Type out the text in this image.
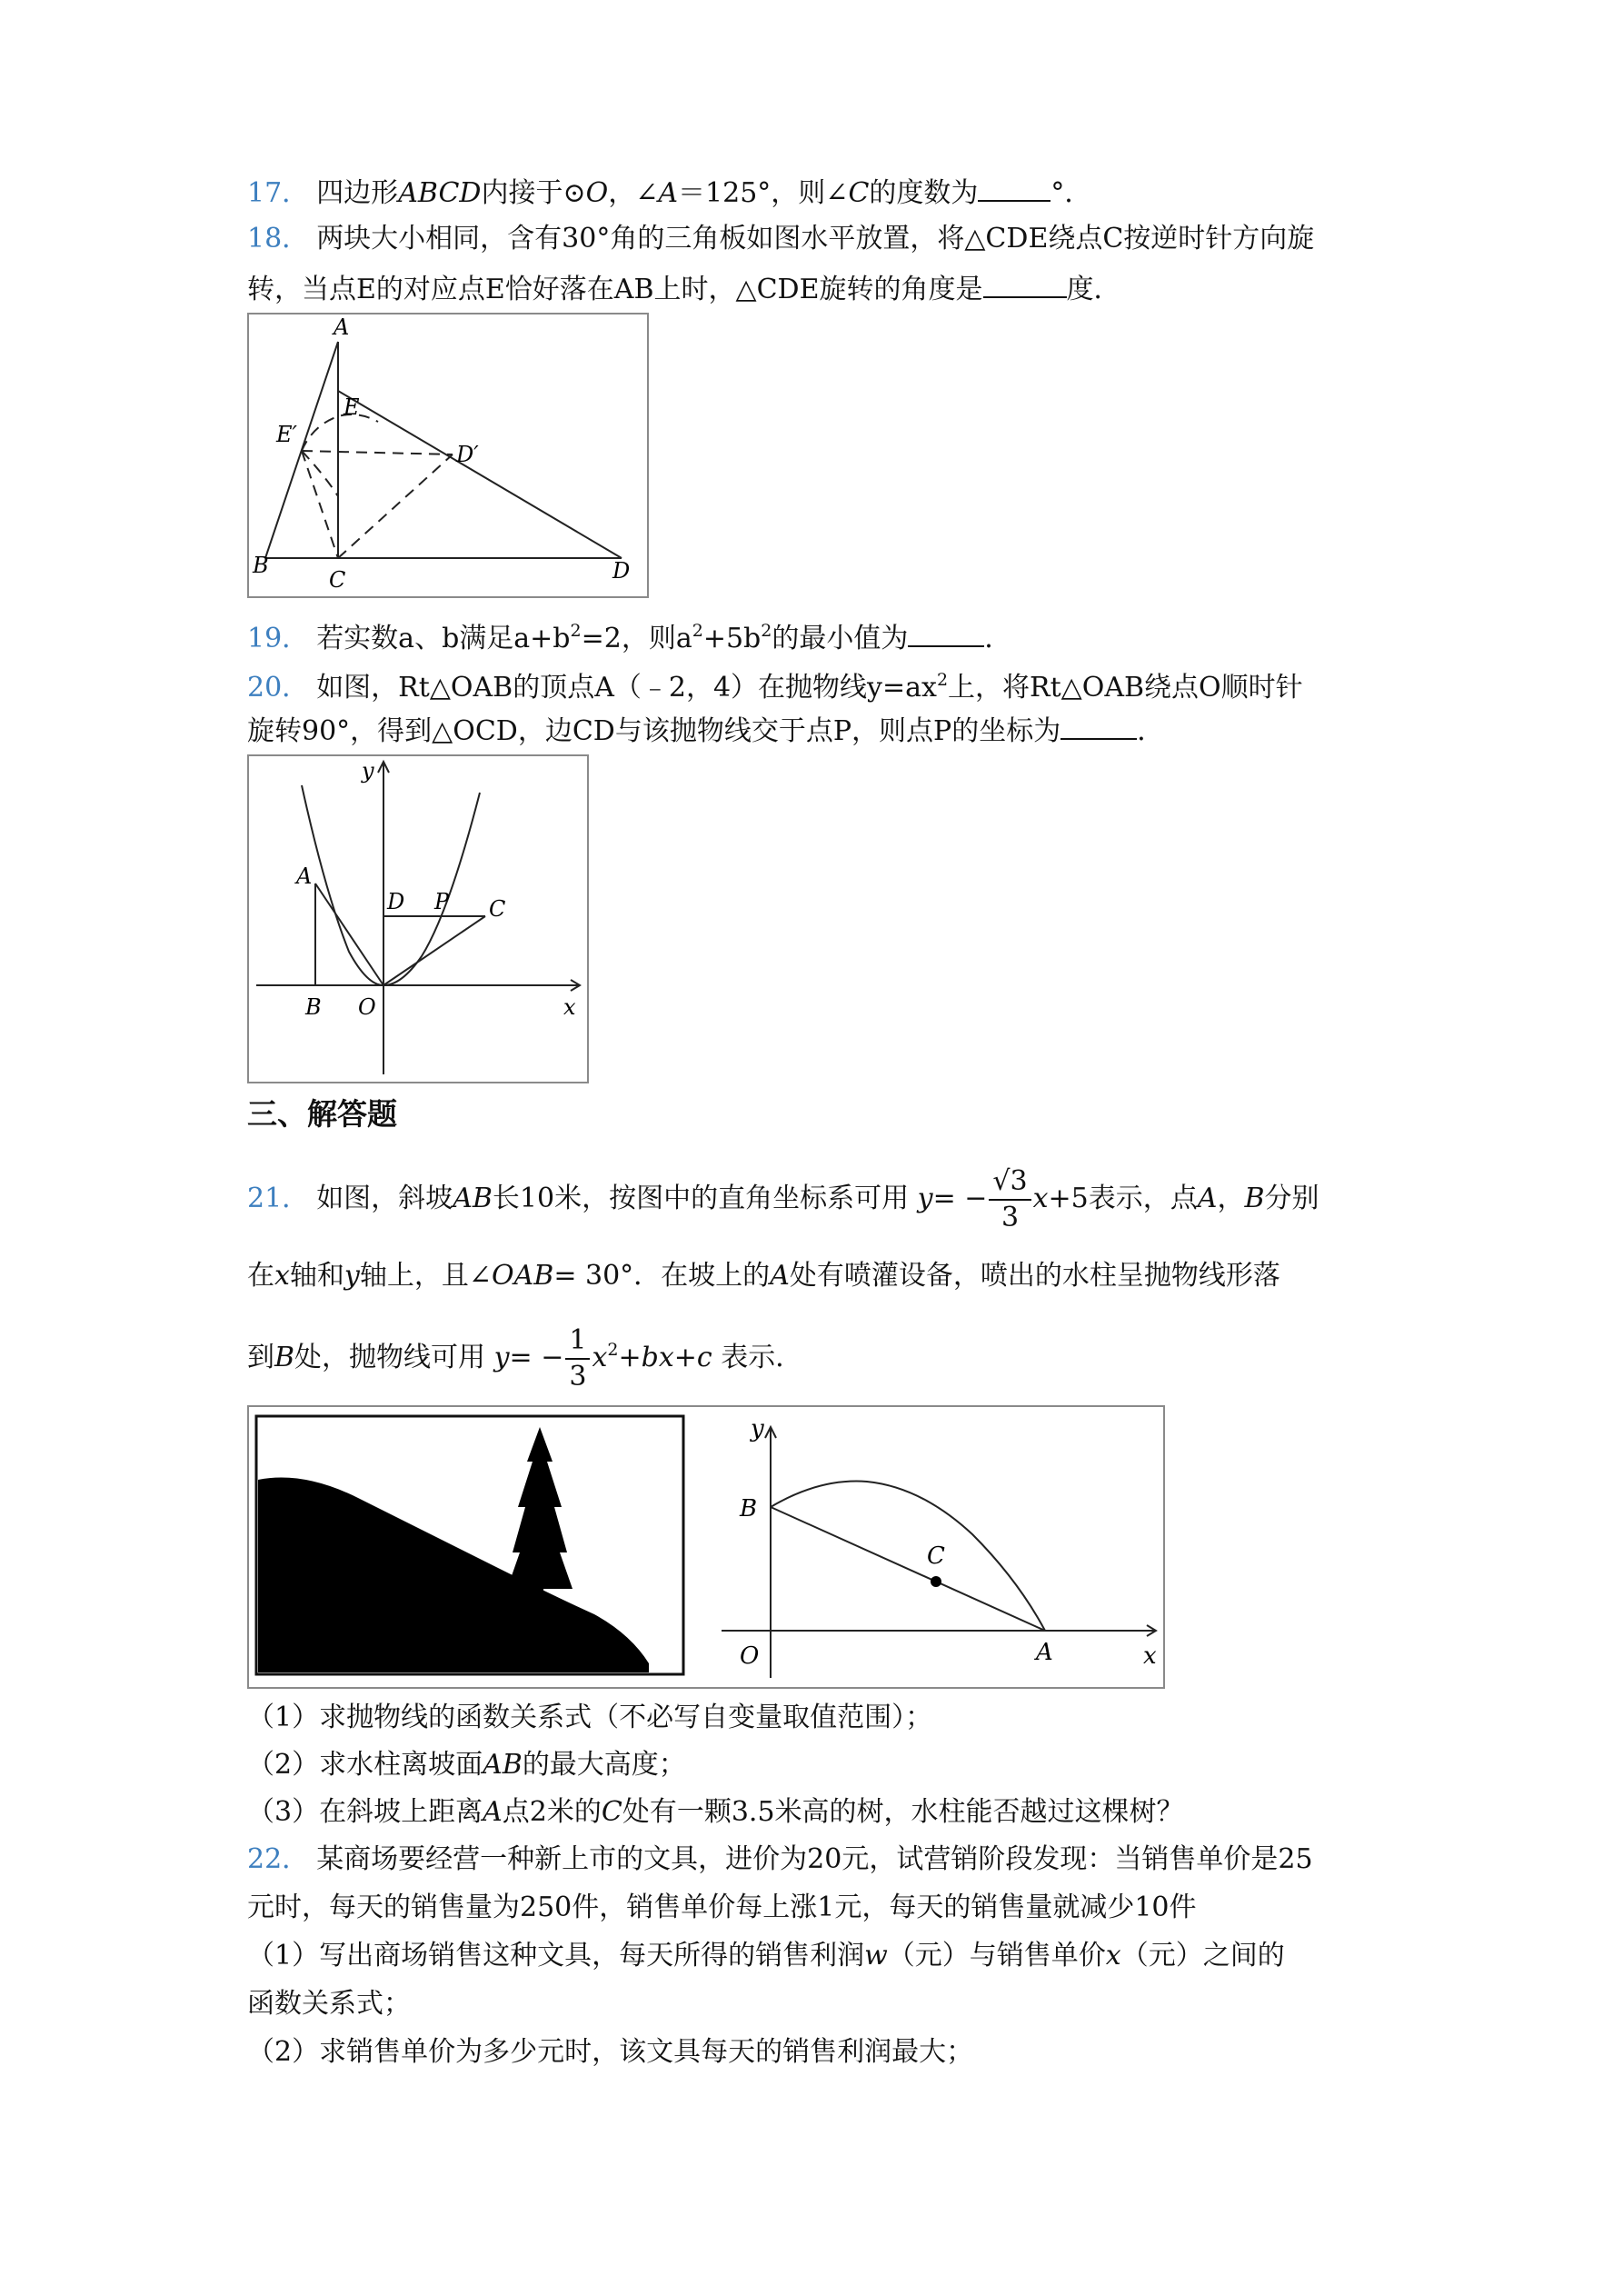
17． 四边形ABCD内接于⊙O，∠A＝125°，则∠C的度数为	°．
18． 两块大小相同，含有30°角的三角板如图水平放置，将△CDE绕点C按逆时针方向旋
转，当点E的对应点E恰好落在AB上时，△CDE旋转的角度是	度．
A
B
C	D
E
E′
D′
19． 若实数a、b满足$a+b^2=2$，则$a^2+5b^2$的最小值为	．
20． 如图，Rt△OAB的顶点A（﹣2，4）在抛物线$y=ax^2$上，将Rt△OAB绕点O顺时针
旋转90°，得到△OCD，边CD与该抛物线交于点P，则点P的坐标为	．
y
x
A
B O
D P C
三、解答题
21． 如图，斜坡AB长10米，按图中的直角坐标系可用 $y= - \frac{√3}{3} x+5$表示，点A，B分别
在x轴和y轴上，且∠OAB= 30°．在坡上的A处有喷灌设备，喷出的水柱呈抛物线形落
到B处，抛物线可用 $y= - \frac{1}{3} x^2+bx+c$ 表示．
y
x
B
O	A
C
（1）求抛物线的函数关系式（不必写自变量取值范围）；
（2）求水柱离坡面AB的最大高度；
（3）在斜坡上距离A点2米的C处有一颗3.5米高的树，水柱能否越过这棵树？
22． 某商场要经营一种新上市的文具，进价为20元，试营销阶段发现：当销售单价是25
元时，每天的销售量为250件，销售单价每上涨1元，每天的销售量就减少10件
（1）写出商场销售这种文具，每天所得的销售利润w（元）与销售单价x（元）之间的
函数关系式；
（2）求销售单价为多少元时，该文具每天的销售利润最大；
